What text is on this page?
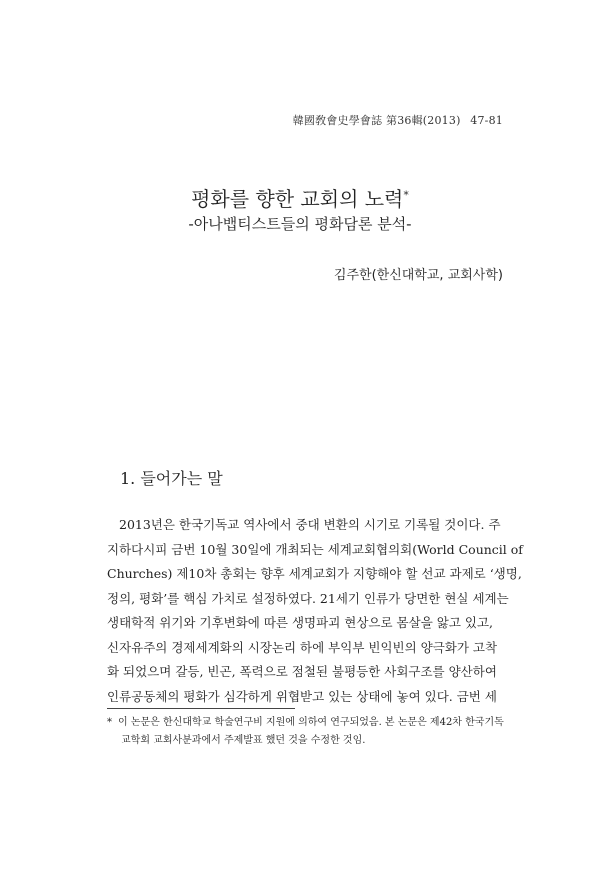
韓國敎會史學會誌 第36輯(2013) 47-81
평화를 향한 교회의 노력*
-아나뱁티스트들의 평화담론 분석-
김주한(한신대학교, 교회사학)
1. 들어가는 말
2013년은 한국기독교 역사에서 중대 변환의 시기로 기록될 것이다. 주
지하다시피 금번 10월 30일에 개최되는 세계교회협의회(World Council of
Churches) 제10차 총회는 향후 세계교회가 지향해야 할 선교 과제로 ‘생명,
정의, 평화’를 핵심 가치로 설정하였다. 21세기 인류가 당면한 현실 세계는
생태학적 위기와 기후변화에 따른 생명파괴 현상으로 몸살을 앓고 있고,
신자유주의 경제세계화의 시장논리 하에 부익부 빈익빈의 양극화가 고착
화 되었으며 갈등, 빈곤, 폭력으로 점철된 불평등한 사회구조를 양산하여
인류공동체의 평화가 심각하게 위협받고 있는 상태에 놓여 있다. 금번 세
* 이 논문은 한신대학교 학술연구비 지원에 의하여 연구되었음. 본 논문은 제42차 한국기독
교학회 교회사분과에서 주제발표 했던 것을 수정한 것임.
